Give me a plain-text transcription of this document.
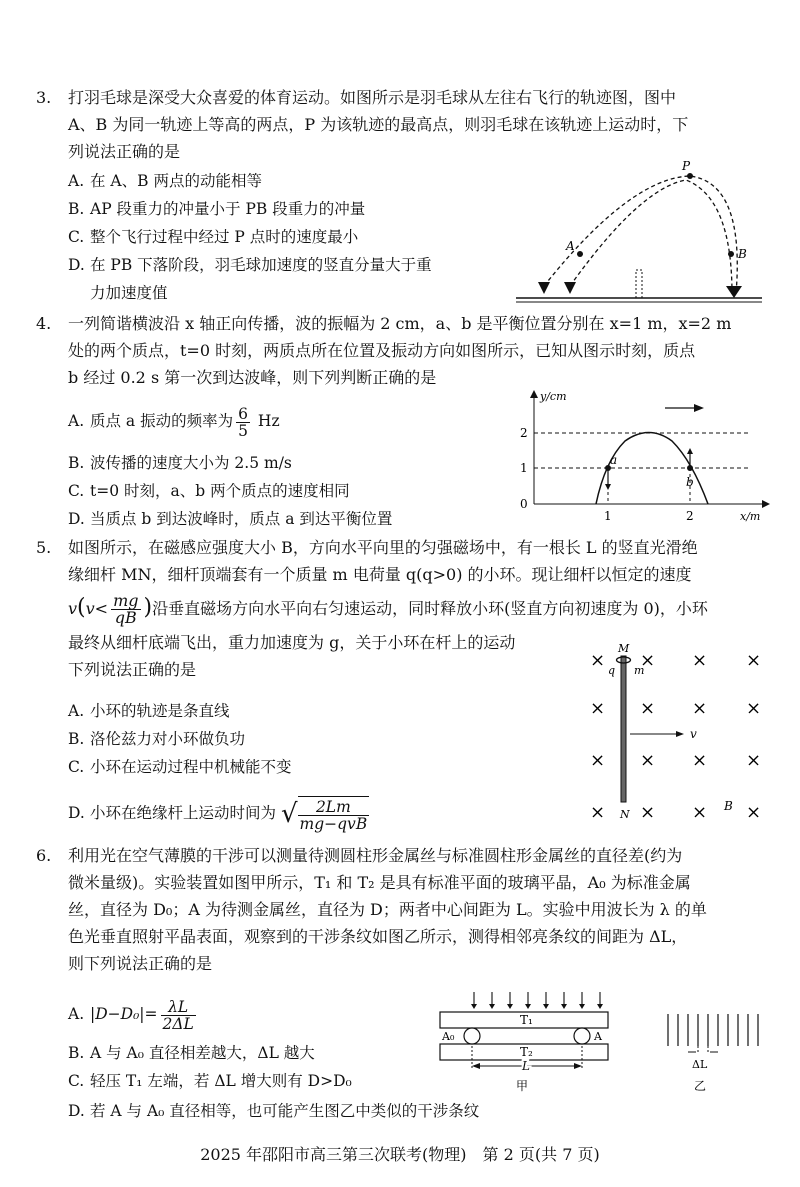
3. 打羽毛球是深受大众喜爱的体育运动。如图所示是羽毛球从左往右飞行的轨迹图，图中
A、B 为同一轨迹上等高的两点，P 为该轨迹的最高点，则羽毛球在该轨迹上运动时，下
列说法正确的是
A. 在 A、B 两点的动能相等
B. AP 段重力的冲量小于 PB 段重力的冲量
C. 整个飞行过程中经过 P 点时的速度最小
D. 在 PB 下落阶段，羽毛球加速度的竖直分量大于重
力加速度值
P
A
B
4. 一列简谐横波沿 x 轴正向传播，波的振幅为 2 cm，a、b 是平衡位置分别在 x=1 m，x=2 m
处的两个质点，t=0 时刻，两质点所在位置及振动方向如图所示，已知从图示时刻，质点
b 经过 0.2 s 第一次到达波峰，则下列判断正确的是
A. 质点 a 振动的频率为 $\frac{6}{5}$ Hz
B. 波传播的速度大小为 2.5 m/s
C. t=0 时刻，a、b 两个质点的速度相同
D. 当质点 b 到达波峰时，质点 a 到达平衡位置
y/cm
x/m
2
1
0
1	2
a
b
5. 如图所示，在磁感应强度大小 B，方向水平向里的匀强磁场中，有一根长 L 的竖直光滑绝
缘细杆 MN，细杆顶端套有一个质量 m 电荷量 q(q>0) 的小环。现让细杆以恒定的速度
$v(v< \frac{mg}{qB}$ )沿垂直磁场方向水平向右匀速运动，同时释放小环(竖直方向初速度为 0)，小环
最终从细杆底端飞出，重力加速度为 g，关于小环在杆上的运动
下列说法正确的是
A. 小环的轨迹是条直线
B. 洛伦兹力对小环做负功
C. 小环在运动过程中机械能不变
D. 小环在绝缘杆上运动时间为 √ $\frac{2Lm}{\text{mg−qvB}}$
× × × ×
× × × ×
× × × ×
× × × ×
M
N
q m
v
B
6. 利用光在空气薄膜的干涉可以测量待测圆柱形金属丝与标准圆柱形金属丝的直径差(约为
微米量级)。实验装置如图甲所示，T₁ 和 T₂ 是具有标准平面的玻璃平晶，A₀ 为标准金属
丝，直径为 D₀；A 为待测金属丝，直径为 D；两者中心间距为 L。实验中用波长为 λ 的单
色光垂直照射平晶表面，观察到的干涉条纹如图乙所示，测得相邻亮条纹的间距为 ΔL，
则下列说法正确的是
A. $|D-D_0|= \frac{\lambda L}{2\Delta L}$
B. A 与 A₀ 直径相差越大，ΔL 越大
C. 轻压 T₁ 左端，若 ΔL 增大则有 D>D₀
D. 若 A 与 A₀ 直径相等，也可能产生图乙中类似的干涉条纹
T₁
T₂
A₀	A
L
甲
ΔL
乙
2025 年邵阳市高三第三次联考(物理)　第 2 页(共 7 页)
